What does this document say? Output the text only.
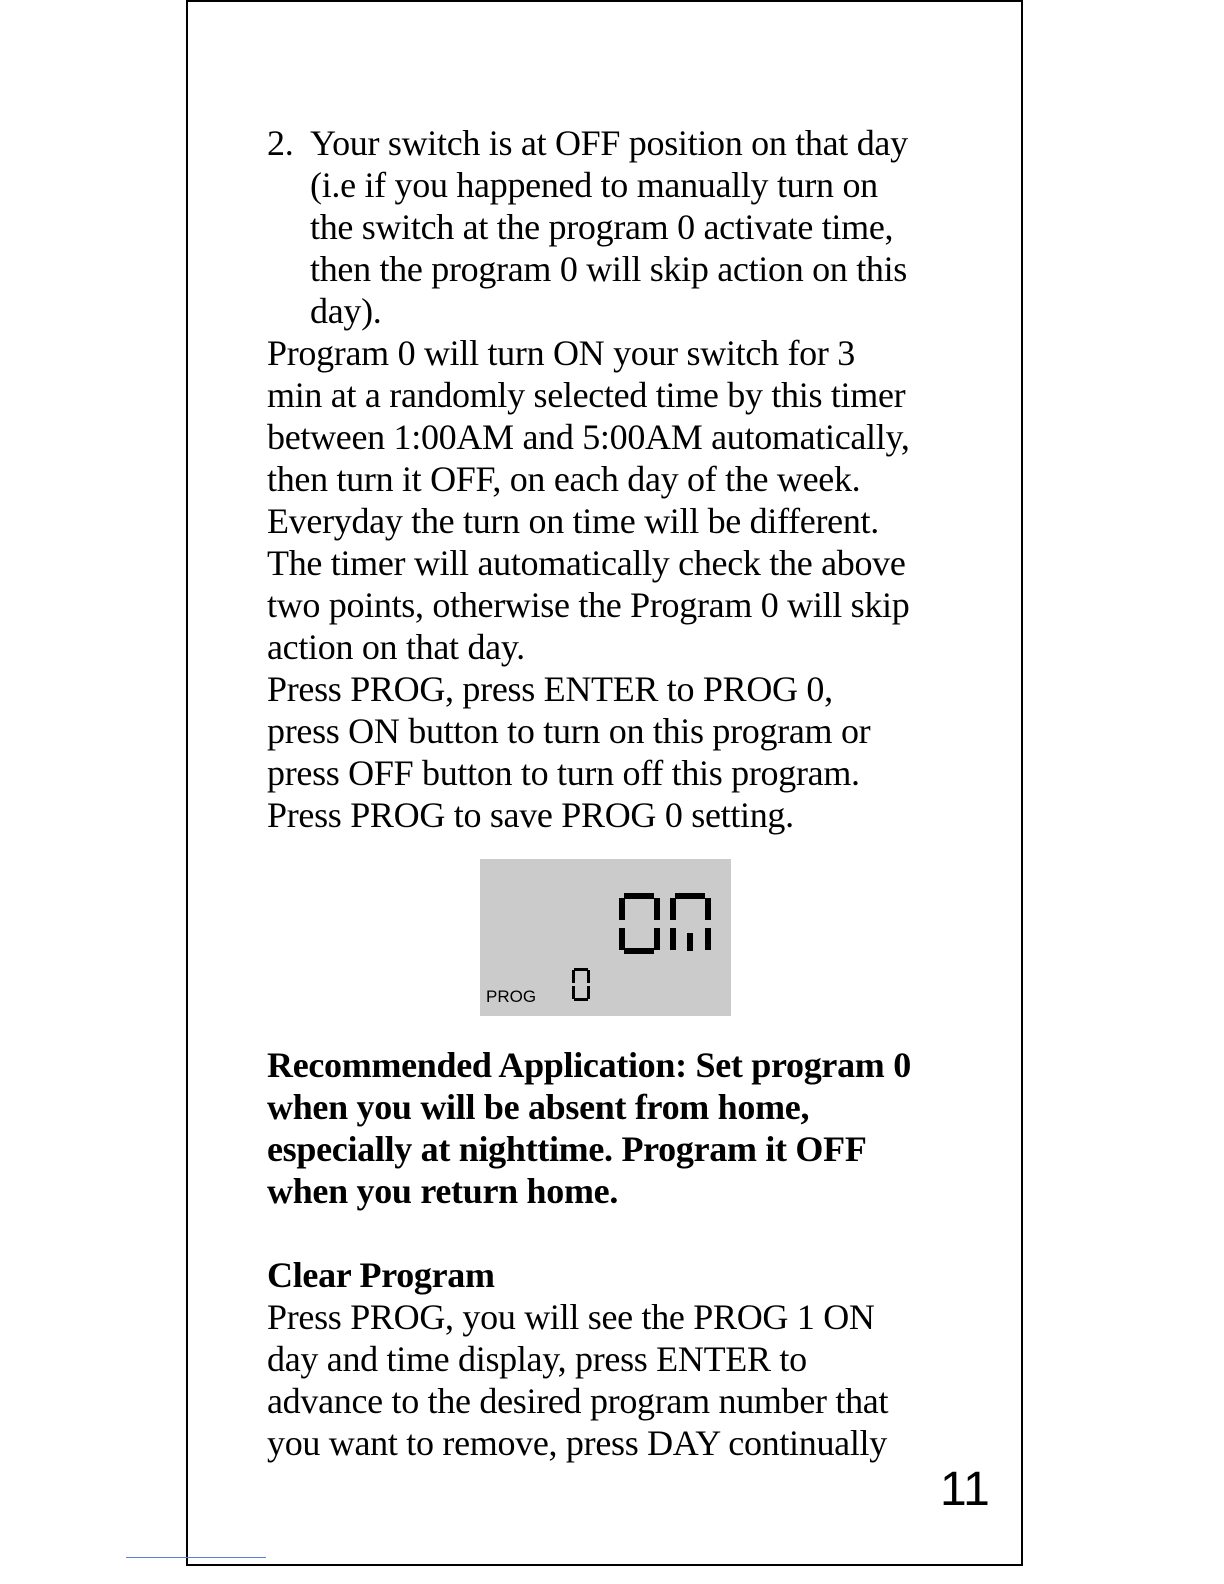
2. Your switch is at OFF position on that day
(i.e if you happened to manually turn on
the switch at the program 0 activate time,
then the program 0 will skip action on this
day).
Program 0 will turn ON your switch for 3
min at a randomly selected time by this timer
between 1:00AM and 5:00AM automatically,
then turn it OFF, on each day of the week.
Everyday the turn on time will be different.
The timer will automatically check the above
two points, otherwise the Program 0 will skip
action on that day.
Press PROG, press ENTER to PROG 0,
press ON button to turn on this program or
press OFF button to turn off this program.
Press PROG to save PROG 0 setting.
PROG
Recommended Application: Set program 0
when you will be absent from home,
especially at nighttime. Program it OFF
when you return home.
Clear Program
Press PROG, you will see the PROG 1 ON
day and time display, press ENTER to
advance to the desired program number that
you want to remove, press DAY continually
11
